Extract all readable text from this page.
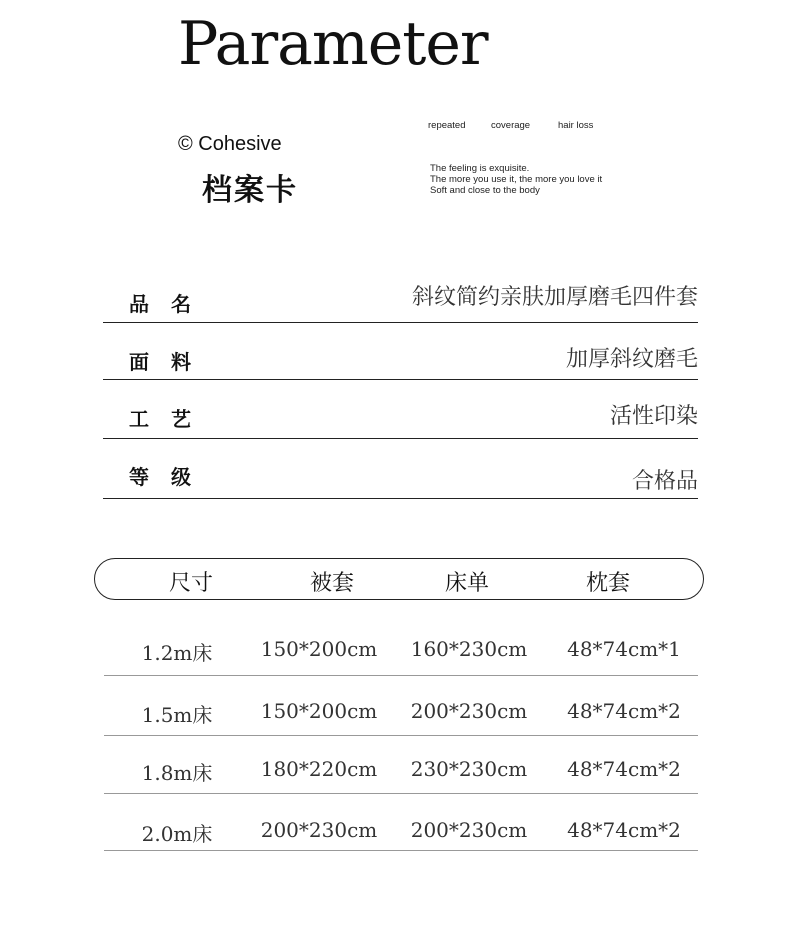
Parameter
© Cohesive
档案卡
repeated	coverage	hair loss
The feeling is exquisite.
The more you use it, the more you love it
Soft and close to the body
品名	斜纹简约亲肤加厚磨毛四件套
面料	加厚斜纹磨毛
工艺	活性印染
等级	合格品
尺寸	被套	床单	枕套
1.2m床	150*200cm	160*230cm	48*74cm*1
1.5m床	150*200cm	200*230cm	48*74cm*2
1.8m床	180*220cm	230*230cm	48*74cm*2
2.0m床	200*230cm	200*230cm	48*74cm*2
